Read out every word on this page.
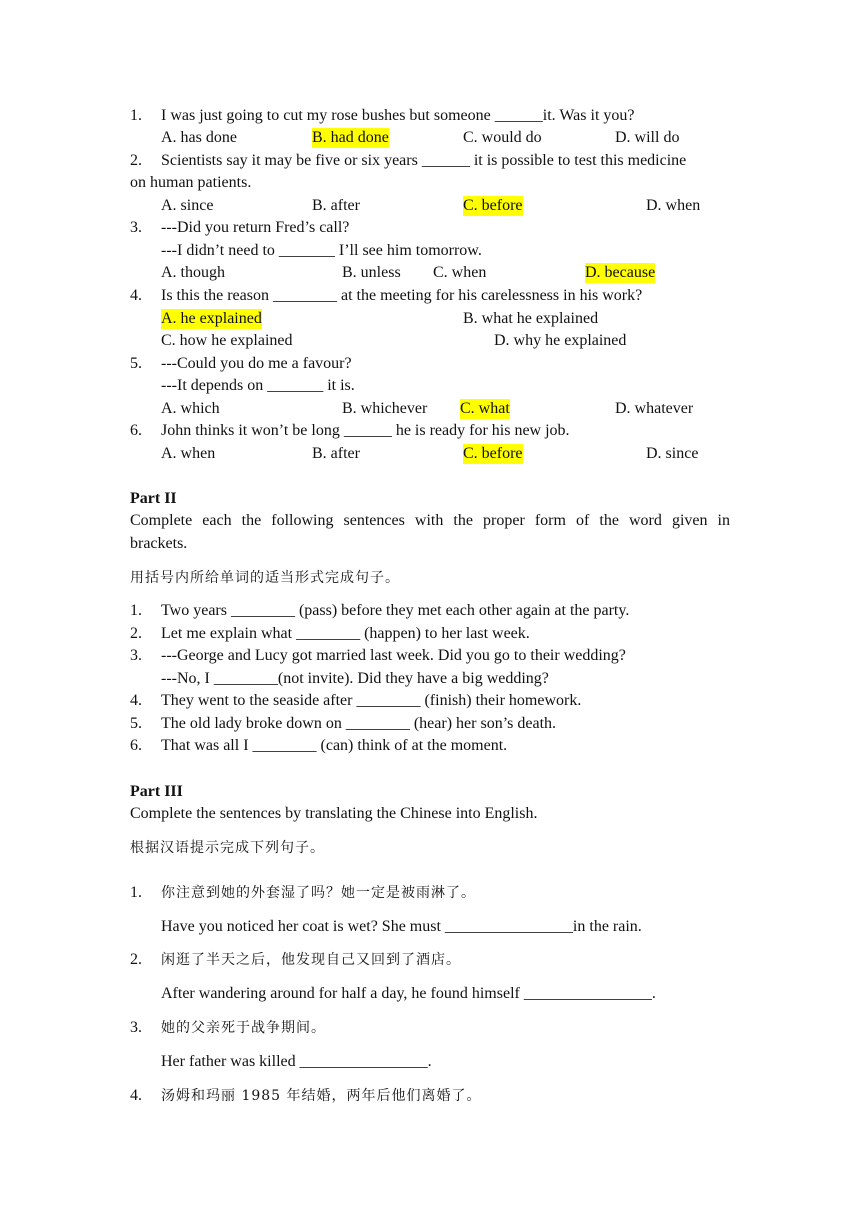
1. I was just going to cut my rose bushes but someone ______it. Was it you?
A. has done	B. had done	C. would do	D. will do
2. Scientists say it may be five or six years ______ it is possible to test this medicine
on human patients.
A. since	B. after	C. before	D. when
3. ---Did you return Fred’s call?
---I didn’t need to _______ I’ll see him tomorrow.
A. though	B. unless C. when	D. because
4. Is this the reason ________ at the meeting for his carelessness in his work?
A. he explained	B. what he explained
C. how he explained	D. why he explained
5. ---Could you do me a favour?
---It depends on _______ it is.
A. which	B. whichever C. what	D. whatever
6. John thinks it won’t be long ______ he is ready for his new job.
A. when	B. after	C. before	D. since
Part II
Complete each the following sentences with the proper form of the word given in
brackets.
用括号内所给单词的适当形式完成句子。
1. Two years ________ (pass) before they met each other again at the party.
2. Let me explain what ________ (happen) to her last week.
3. ---George and Lucy got married last week. Did you go to their wedding?
---No, I ________(not invite). Did they have a big wedding?
4. They went to the seaside after ________ (finish) their homework.
5. The old lady broke down on ________ (hear) her son’s death.
6. That was all I ________ (can) think of at the moment.
Part III
Complete the sentences by translating the Chinese into English.
根据汉语提示完成下列句子。
1. 你注意到她的外套湿了吗？她一定是被雨淋了。
Have you noticed her coat is wet? She must ________________in the rain.
2. 闲逛了半天之后，他发现自己又回到了酒店。
After wandering around for half a day, he found himself ________________.
3. 她的父亲死于战争期间。
Her father was killed ________________.
4. 汤姆和玛丽 1985 年结婚，两年后他们离婚了。
